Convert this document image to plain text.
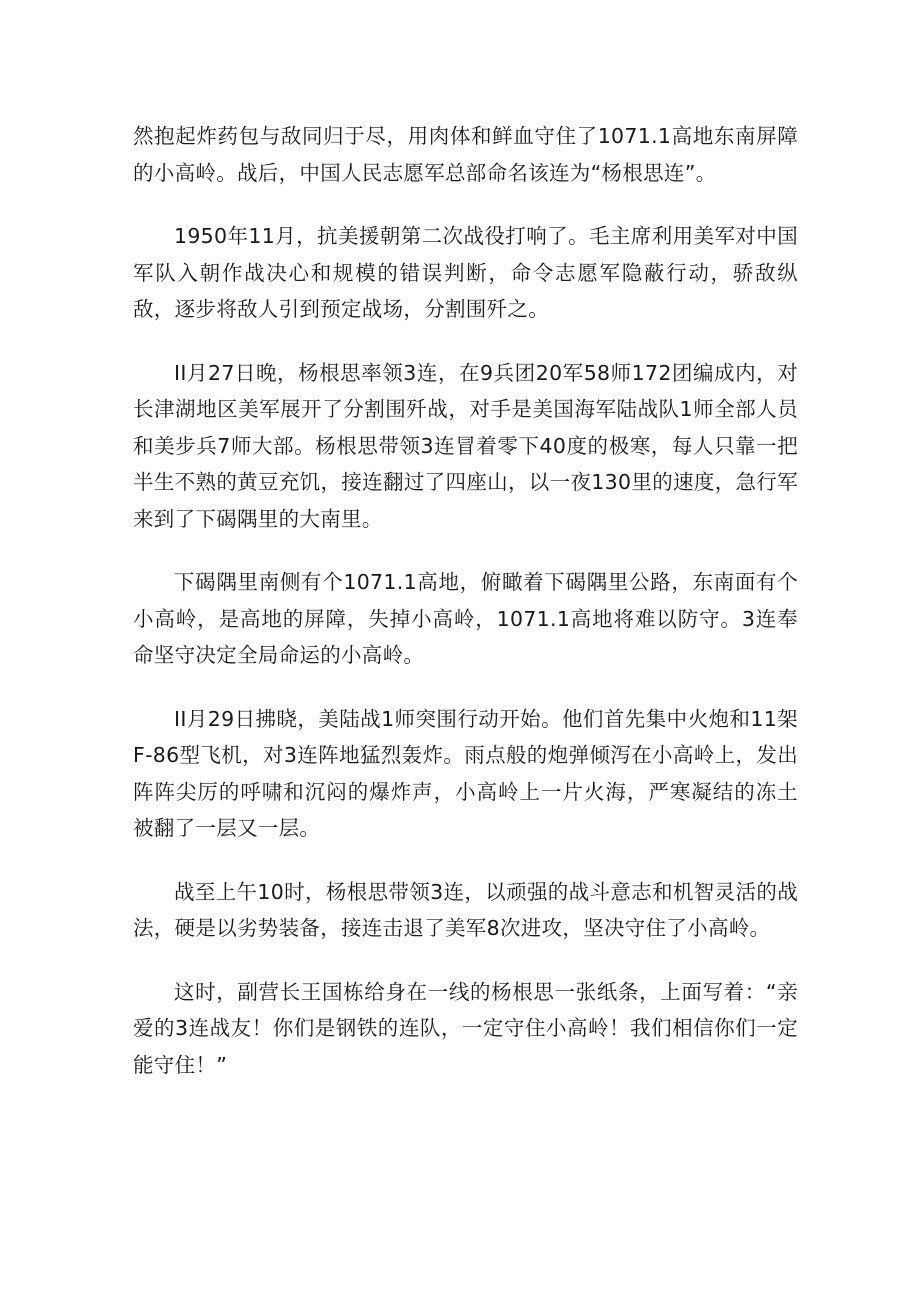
然抱起炸药包与敌同归于尽，用肉体和鲜血守住了1071.1高地东南屏障的小高岭。战后，中国人民志愿军总部命名该连为“杨根思连”。

1950年11月，抗美援朝第二次战役打响了。毛主席利用美军对中国军队入朝作战决心和规模的错误判断，命令志愿军隐蔽行动，骄敌纵敌，逐步将敌人引到预定战场，分割围歼之。

II月27日晚，杨根思率领3连，在9兵团20军58师172团编成内，对长津湖地区美军展开了分割围歼战，对手是美国海军陆战队1师全部人员和美步兵7师大部。杨根思带领3连冒着零下40度的极寒，每人只靠一把半生不熟的黄豆充饥，接连翻过了四座山，以一夜130里的速度，急行军来到了下碣隅里的大南里。

下碣隅里南侧有个1071.1高地，俯瞰着下碣隅里公路，东南面有个小高岭，是高地的屏障，失掉小高岭，1071.1高地将难以防守。3连奉命坚守决定全局命运的小高岭。

II月29日拂晓，美陆战1师突围行动开始。他们首先集中火炮和11架F-86型飞机，对3连阵地猛烈轰炸。雨点般的炮弹倾泻在小高岭上，发出阵阵尖厉的呼啸和沉闷的爆炸声，小高岭上一片火海，严寒凝结的冻土被翻了一层又一层。

战至上午10时，杨根思带领3连，以顽强的战斗意志和机智灵活的战法，硬是以劣势装备，接连击退了美军8次进攻，坚决守住了小高岭。

这时，副营长王国栋给身在一线的杨根思一张纸条，上面写着：“亲爱的3连战友！你们是钢铁的连队，一定守住小高岭！我们相信你们一定能守住！”
